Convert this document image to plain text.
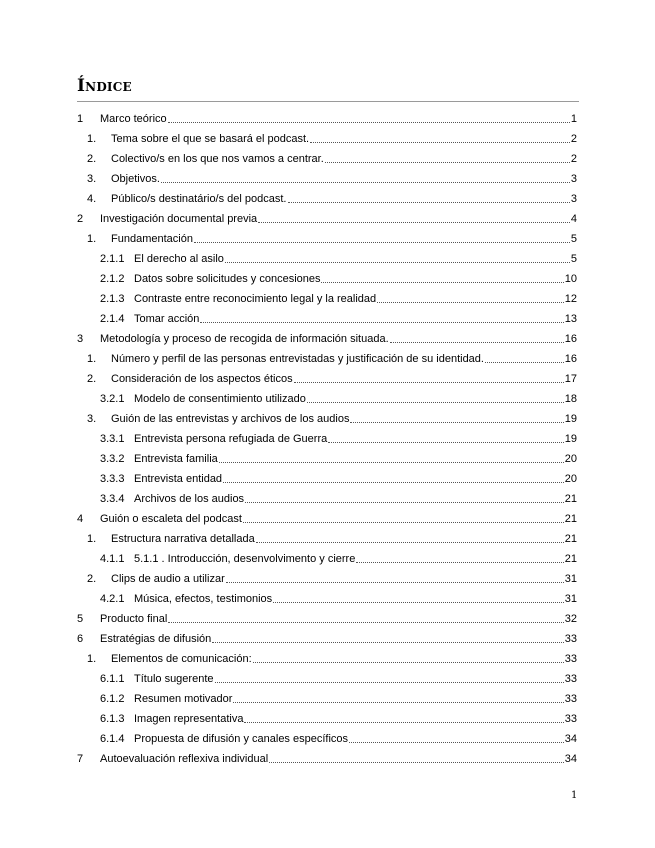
Índice
1	Marco teórico	1
1.	Tema sobre el que se basará el podcast.	2
2.	Colectivo/s en los que nos vamos a centrar.	2
3.	Objetivos.	3
4.	Público/s destinatário/s del podcast.	3
2	Investigación documental previa	4
1.	Fundamentación	5
2.1.1 El derecho al asilo	5
2.1.2 Datos sobre solicitudes y concesiones	10
2.1.3 Contraste entre reconocimiento legal y la realidad	12
2.1.4 Tomar acción	13
3	Metodología y proceso de recogida de información situada.	16
1.	Número y perfil de las personas entrevistadas y justificación de su identidad.	16
2.	Consideración de los aspectos éticos	17
3.2.1 Modelo de consentimiento utilizado	18
3.	Guión de las entrevistas y archivos de los audios	19
3.3.1 Entrevista persona refugiada de Guerra	19
3.3.2 Entrevista familia	20
3.3.3 Entrevista entidad	20
3.3.4 Archivos de los audios	21
4	Guión o escaleta del podcast	21
1.	Estructura narrativa detallada	21
4.1.1 5.1.1 . Introducción, desenvolvimento y cierre	21
2.	Clips de audio a utilizar	31
4.2.1 Música, efectos, testimonios	31
5	Producto final	32
6	Estratégias de difusión	33
1.	Elementos de comunicación:	33
6.1.1 Título sugerente	33
6.1.2 Resumen motivador	33
6.1.3 Imagen representativa	33
6.1.4 Propuesta de difusión y canales específicos	34
7	Autoevaluación reflexiva individual	34
1
